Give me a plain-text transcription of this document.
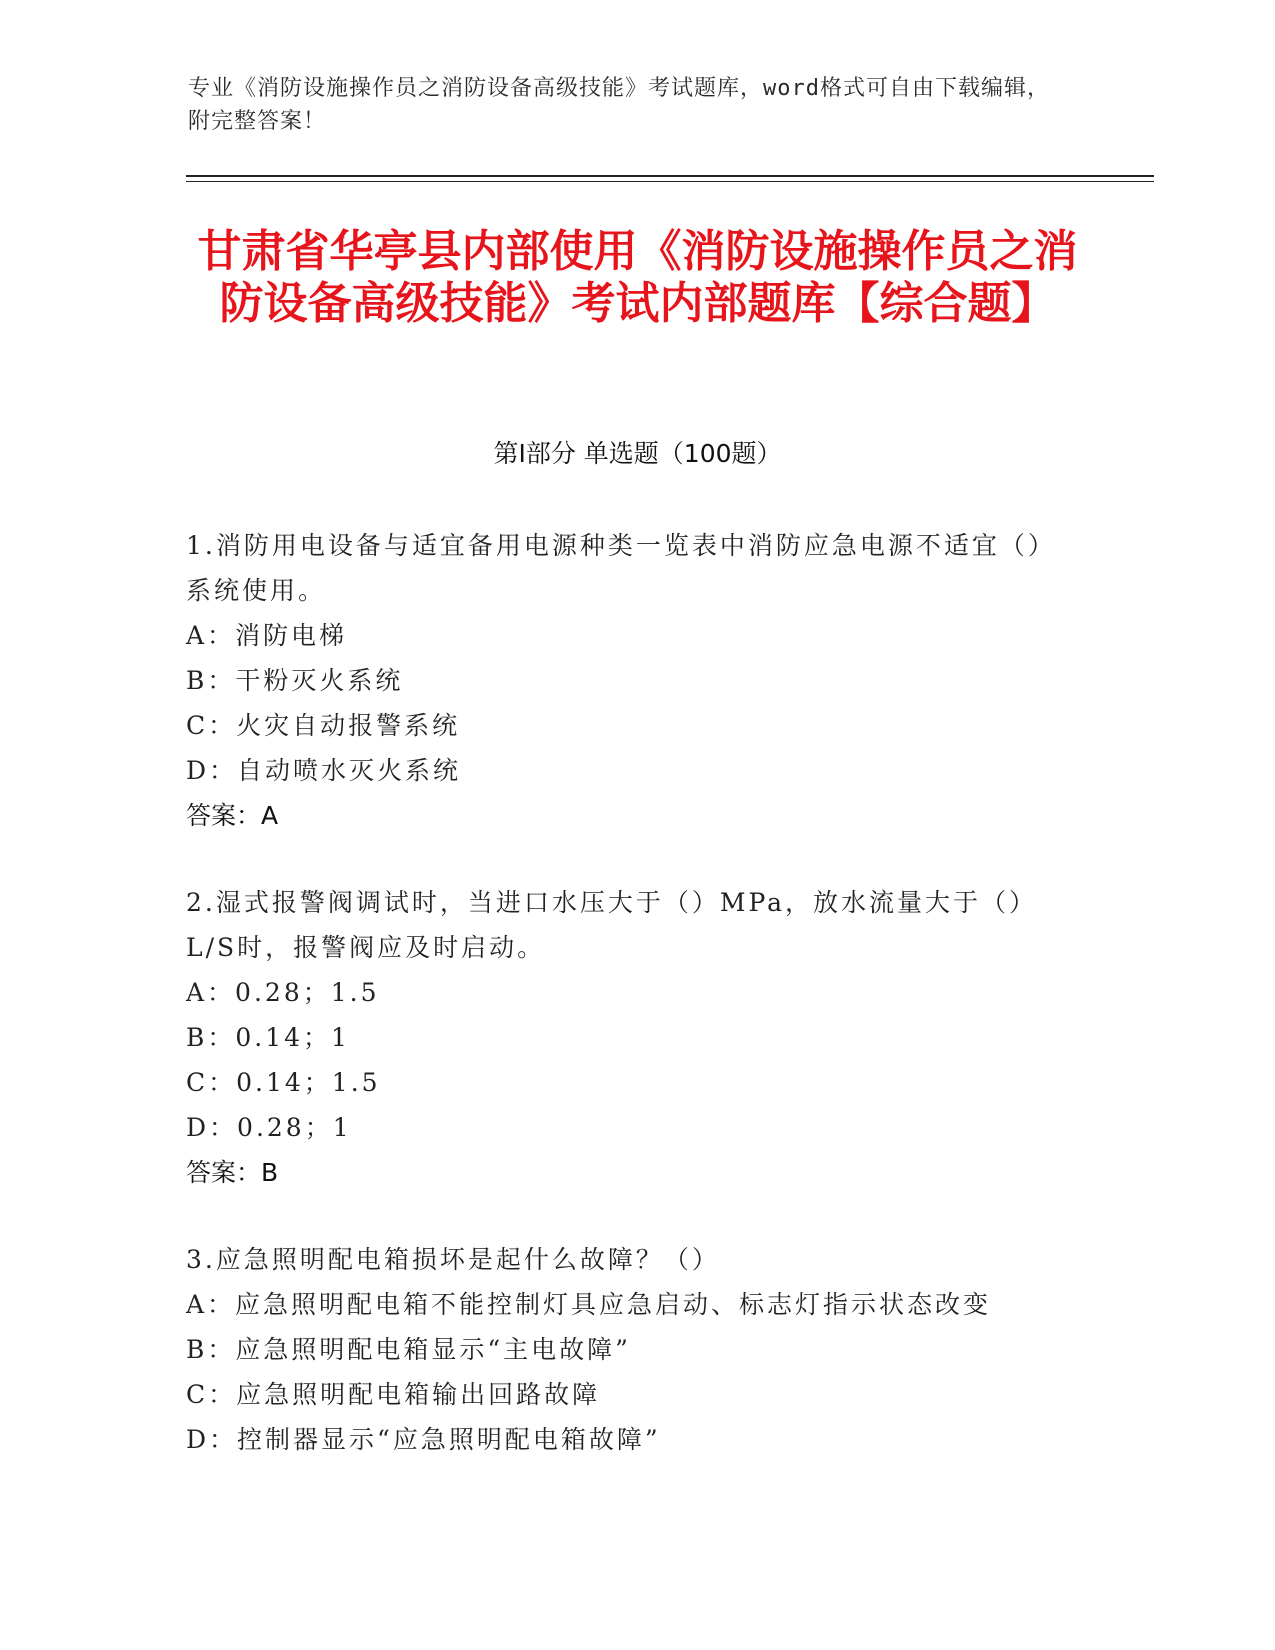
专业《消防设施操作员之消防设备高级技能》考试题库，word格式可自由下载编辑，附完整答案！
甘肃省华亭县内部使用《消防设施操作员之消防设备高级技能》考试内部题库【综合题】
第I部分 单选题（100题）
1.消防用电设备与适宜备用电源种类一览表中消防应急电源不适宜（）系统使用。
A：消防电梯
B：干粉灭火系统
C：火灾自动报警系统
D：自动喷水灭火系统
答案：A
2.湿式报警阀调试时，当进口水压大于（）MPa，放水流量大于（）L/S时，报警阀应及时启动。
A：0.28；1.5
B：0.14；1
C：0.14；1.5
D：0.28；1
答案：B
3.应急照明配电箱损坏是起什么故障？（）
A：应急照明配电箱不能控制灯具应急启动、标志灯指示状态改变
B：应急照明配电箱显示“主电故障”
C：应急照明配电箱输出回路故障
D：控制器显示“应急照明配电箱故障”
